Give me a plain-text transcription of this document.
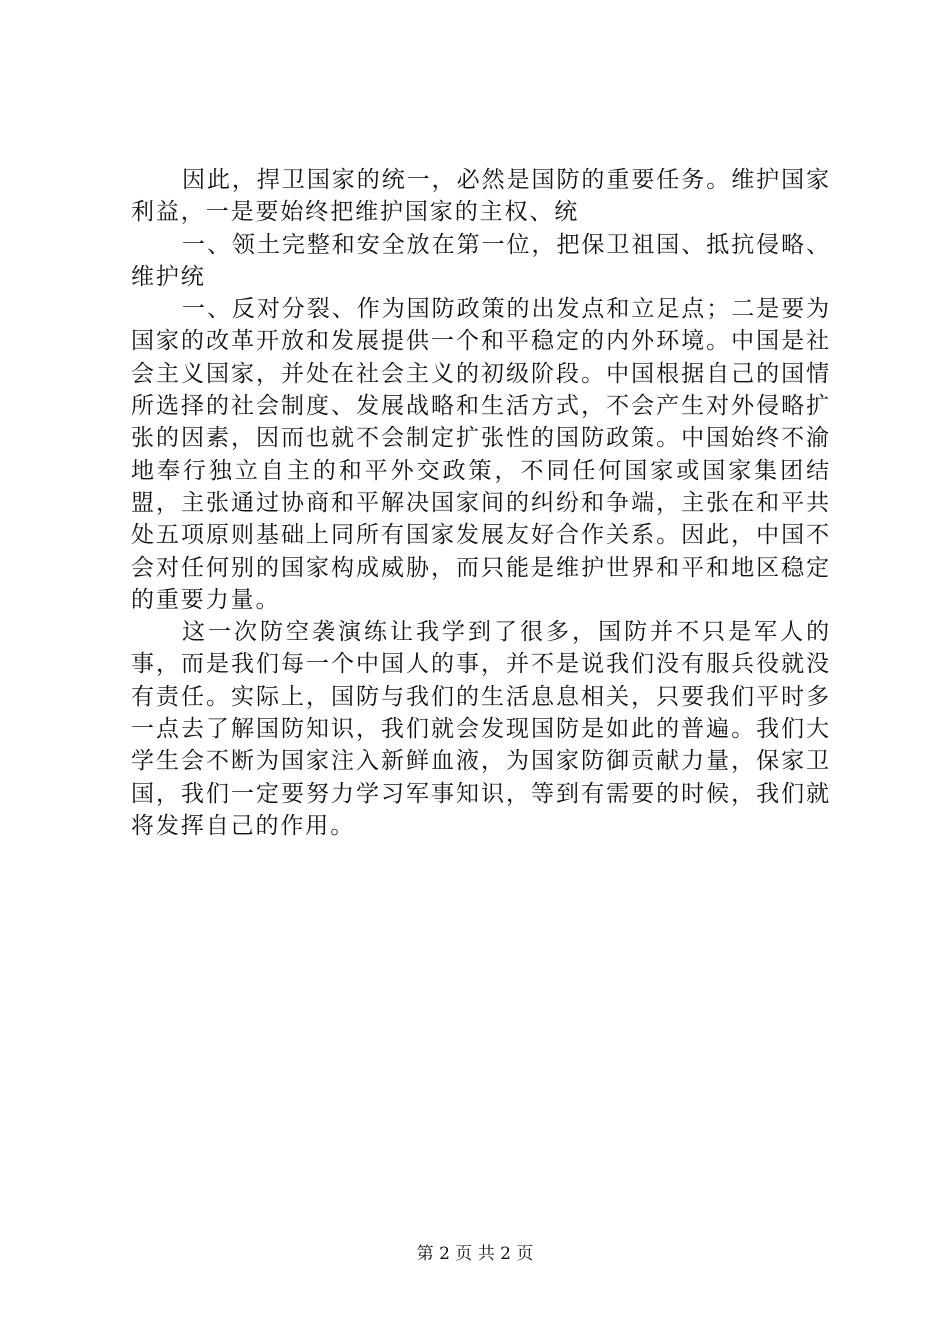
因此，捍卫国家的统一，必然是国防的重要任务。维护国家利益，一是要始终把维护国家的主权、统

一、领土完整和安全放在第一位，把保卫祖国、抵抗侵略、维护统

一、反对分裂、作为国防政策的出发点和立足点；二是要为国家的改革开放和发展提供一个和平稳定的内外环境。中国是社会主义国家，并处在社会主义的初级阶段。中国根据自己的国情所选择的社会制度、发展战略和生活方式，不会产生对外侵略扩张的因素，因而也就不会制定扩张性的国防政策。中国始终不渝地奉行独立自主的和平外交政策，不同任何国家或国家集团结盟，主张通过协商和平解决国家间的纠纷和争端，主张在和平共处五项原则基础上同所有国家发展友好合作关系。因此，中国不会对任何别的国家构成威胁，而只能是维护世界和平和地区稳定的重要力量。

这一次防空袭演练让我学到了很多，国防并不只是军人的事，而是我们每一个中国人的事，并不是说我们没有服兵役就没有责任。实际上，国防与我们的生活息息相关，只要我们平时多一点去了解国防知识，我们就会发现国防是如此的普遍。我们大学生会不断为国家注入新鲜血液，为国家防御贡献力量，保家卫国，我们一定要努力学习军事知识，等到有需要的时候，我们就将发挥自己的作用。

第 2 页 共 2 页
